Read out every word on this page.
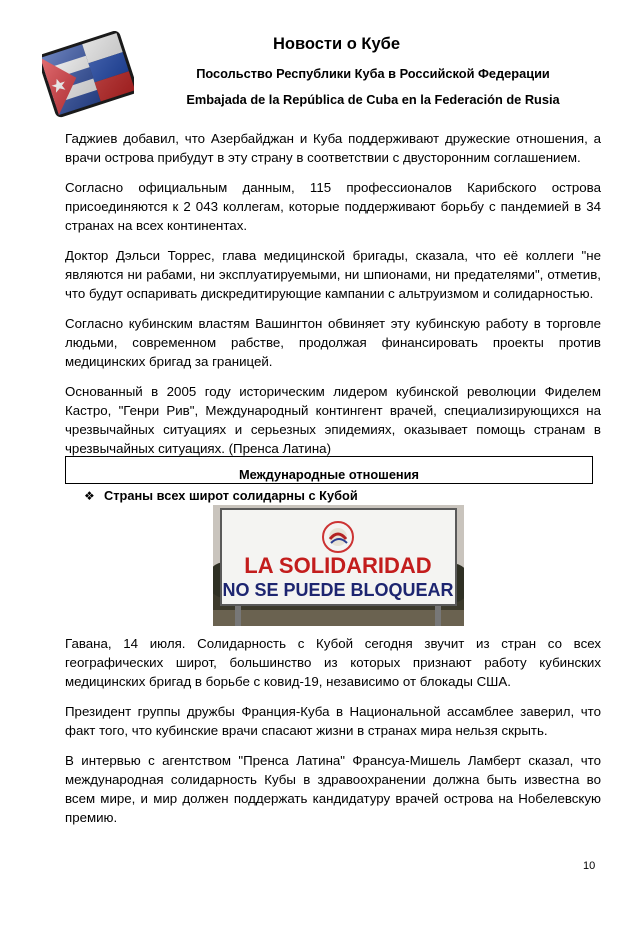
Новости о Кубе
Посольство Республики Куба в Российской Федерации
Embajada de la República de Cuba en la Federación de Rusia

Гаджиев добавил, что Азербайджан и Куба поддерживают дружеские отношения, а врачи острова прибудут в эту страну в соответствии с двусторонним соглашением.

Согласно официальным данным, 115 профессионалов Карибского острова присоединяются к 2 043 коллегам, которые поддерживают борьбу с пандемией в 34 странах на всех континентах.

Доктор Дэльси Торрес, глава медицинской бригады, сказала, что её коллеги "не являются ни рабами, ни эксплуатируемыми, ни шпионами, ни предателями", отметив, что будут оспаривать дискредитирующие кампании с альтруизмом и солидарностью.

Согласно кубинским властям Вашингтон обвиняет эту кубинскую работу в торговле людьми, современном рабстве, продолжая финансировать проекты против медицинских бригад за границей.

Основанный в 2005 году историческим лидером кубинской революции Фиделем Кастро, "Генри Рив", Международный контингент врачей, специализирующихся на чрезвычайных ситуациях и серьезных эпидемиях, оказывает помощь странам в чрезвычайных ситуациях. (Пренса Латина)

Международные отношения
❖ Страны всех широт солидарны с Кубой
LA SOLIDARIDAD
NO SE PUEDE BLOQUEAR

Гавана, 14 июля. Солидарность с Кубой сегодня звучит из стран со всех географических широт, большинство из которых признают работу кубинских медицинских бригад в борьбе с ковид-19, независимо от блокады США.

Президент группы дружбы Франция-Куба в Национальной ассамблее заверил, что факт того, что кубинские врачи спасают жизни в странах мира нельзя скрыть.

В интервью с агентством "Пренса Латина" Франсуа-Мишель Ламберт сказал, что международная солидарность Кубы в здравоохранении должна быть известна во всем мире, и мир должен поддержать кандидатуру врачей острова на Нобелевскую премию.

10
